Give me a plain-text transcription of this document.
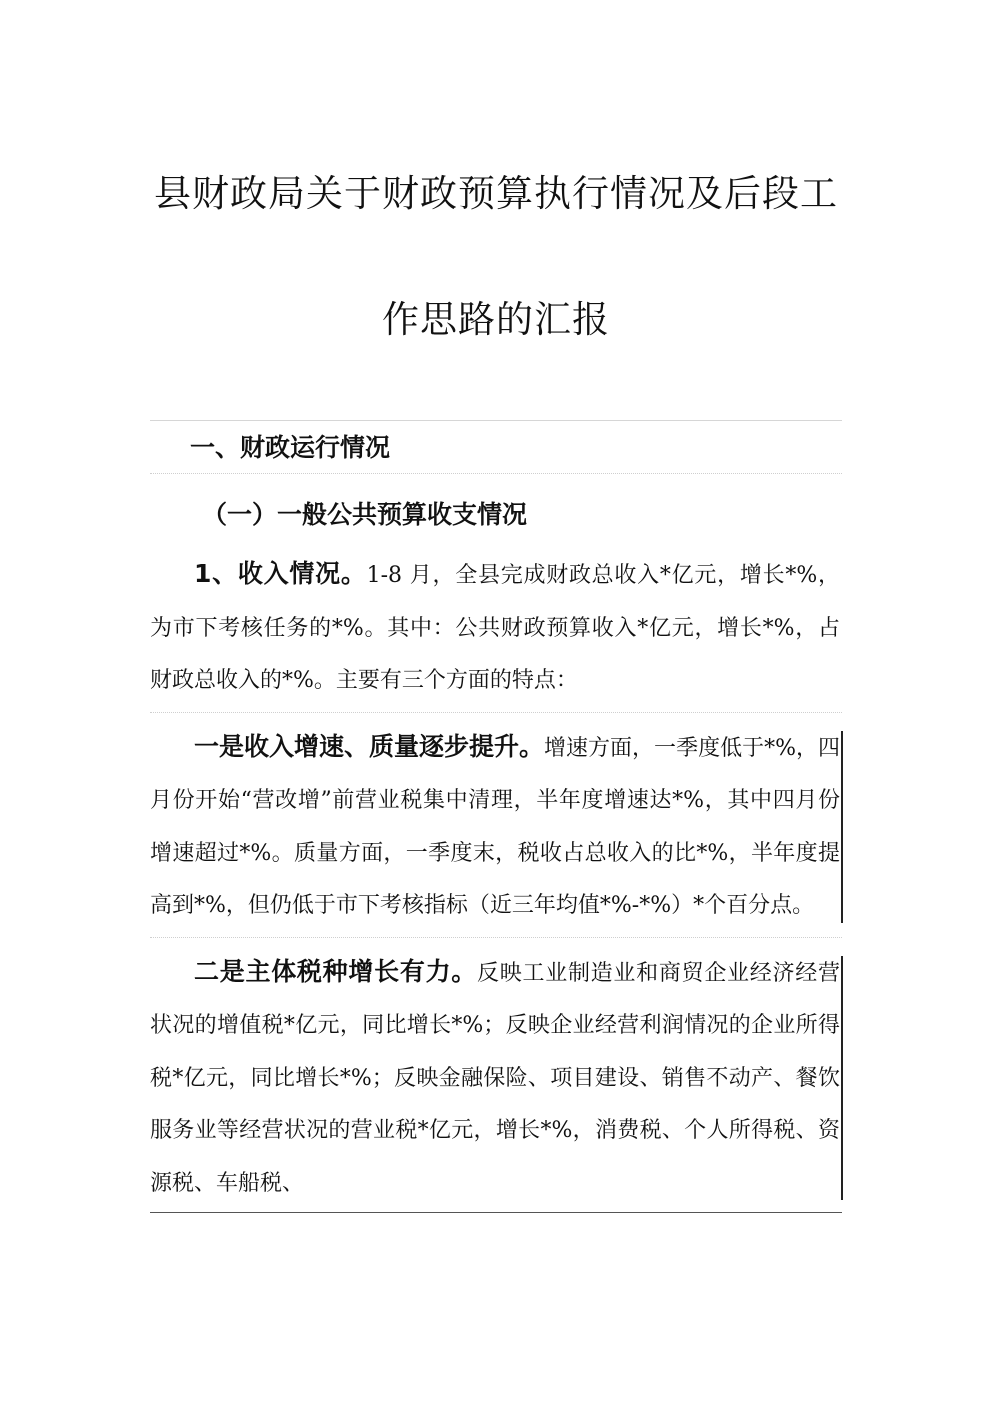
县财政局关于财政预算执行情况及后段工
作思路的汇报
一、财政运行情况
（一）一般公共预算收支情况
1、收入情况。1-8 月，全县完成财政总收入*亿元，增长*%，为市下考核任务的*%。其中：公共财政预算收入*亿元，增长*%，占财政总收入的*%。主要有三个方面的特点：
一是收入增速、质量逐步提升。增速方面，一季度低于*%，四月份开始“营改增”前营业税集中清理，半年度增速达*%，其中四月份增速超过*%。质量方面，一季度末，税收占总收入的比*%，半年度提高到*%，但仍低于市下考核指标（近三年均值*%-*%）*个百分点。
二是主体税种增长有力。反映工业制造业和商贸企业经济经营状况的增值税*亿元，同比增长*%；反映企业经营利润情况的企业所得税*亿元，同比增长*%；反映金融保险、项目建设、销售不动产、餐饮服务业等经营状况的营业税*亿元，增长*%，消费税、个人所得税、资源税、车船税、
